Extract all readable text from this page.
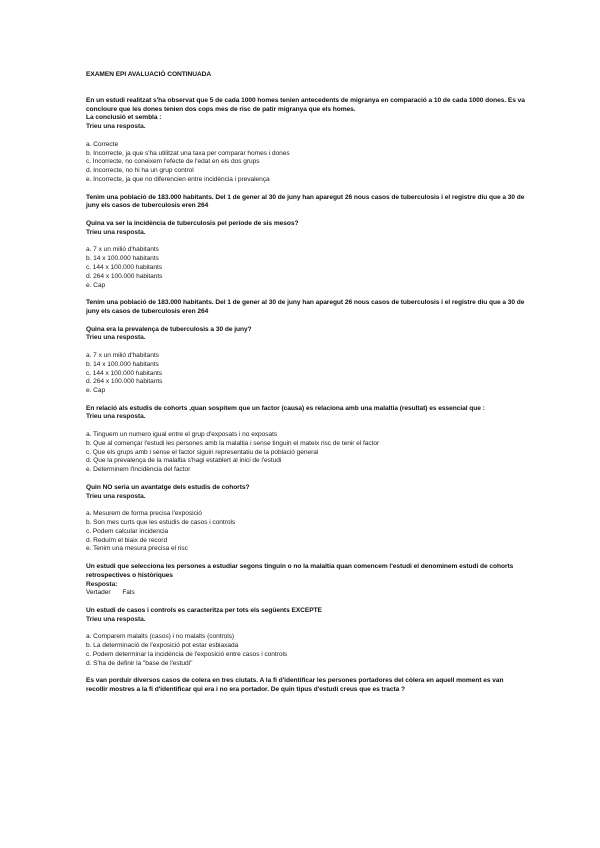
EXAMEN EPI AVALUACIÓ CONTINUADA

En un estudi realitzat s'ha observat que 5 de cada 1000 homes tenien antecedents de migranya en comparació a 10 de cada 1000 dones. Es va concloure que les dones tenien dos cops mes de risc de patir migranya que els homes.

La conclusió et sembla :

Trieu una resposta.

a. Correcte
b. Incorrecte, ja que s'ha utilitzat una taxa per comparar homes i dones
c. Incorrecte, no coneixem l'efecte de l'edat en els dos grups
d. Incorrecte, no hi ha un grup control
e. Incorrecte, ja que no diferencien entre incidència i prevalença

Tenim una població de 183.000 habitants. Del 1 de gener al 30 de juny han aparegut 26 nous casos de tuberculosis i el registre diu que a 30 de juny els casos de tuberculosis eren 264

Quina va ser la incidència de tuberculosis pel període de sis mesos?

Trieu una resposta.

a. 7 x un milió d'habitants
b. 14 x 100.000 habitants
c. 144 x 100.000 habitants
d. 264 x 100.000 habitants
e. Cap

Tenim una població de 183.000 habitants. Del 1 de gener al 30 de juny han aparegut 26 nous casos de tuberculosis i el registre diu que a 30 de juny els casos de tuberculosis eren 264

Quina era la prevalença de tuberculosis a 30 de juny?

Trieu una resposta.

a. 7 x un milió d'habitants
b. 14 x 100.000 habitants
c. 144 x 100.000 habitants
d. 264 x 100.000 habitants
e. Cap

En relació als estudis de cohorts ,quan sospitem que un factor (causa) es relaciona amb una malaltia (resultat) es essencial que :

Trieu una resposta.

a. Tinguem un numero igual entre el grup d'exposats i no exposats
b. Que al començar l'estudi les persones amb la malaltia i sense tinguin el mateix risc de tenir el factor
c. Que els grups amb i sense el factor siguin representatiu de la població general
d. Que la prevalença de la malaltia s'hagi establert al inici de l'estudi
e. Determinem l'incidència del factor

Quin NO seria un avantatge dels estudis de cohorts?

Trieu una resposta.

a. Mesurem de forma precisa l'exposició
b. Son mes curts que les estudis de casos i controls
c. Podem calcular incidencia
d. Reduïm el biaix de record
e. Tenim una mesura precisa el risc

Un estudi que selecciona les persones a estudiar segons tinguin o no la malaltia quan comencem l'estudi el denominem estudi de cohorts retrospectives o històriques

Resposta:

Vertader Fals

Un estudi de casos i controls es caracteritza per tots els següents EXCEPTE

Trieu una resposta.

a. Comparem malalts (casos) i no malalts (controls)
b. La determinació de l'exposició pot estar esbiaxada
c. Podem determinar la incidència de l'exposició entre casos i controls
d. S'ha de definir la "base de l'estudi"

Es van porduir diversos casos de colera en tres ciutats. A la fi d'identificar les persones portadores del còlera en aquell moment es van recollir mostres a la fi d'identificar qui era i no era portador. De quin tipus d'estudi creus que es tracta ?
